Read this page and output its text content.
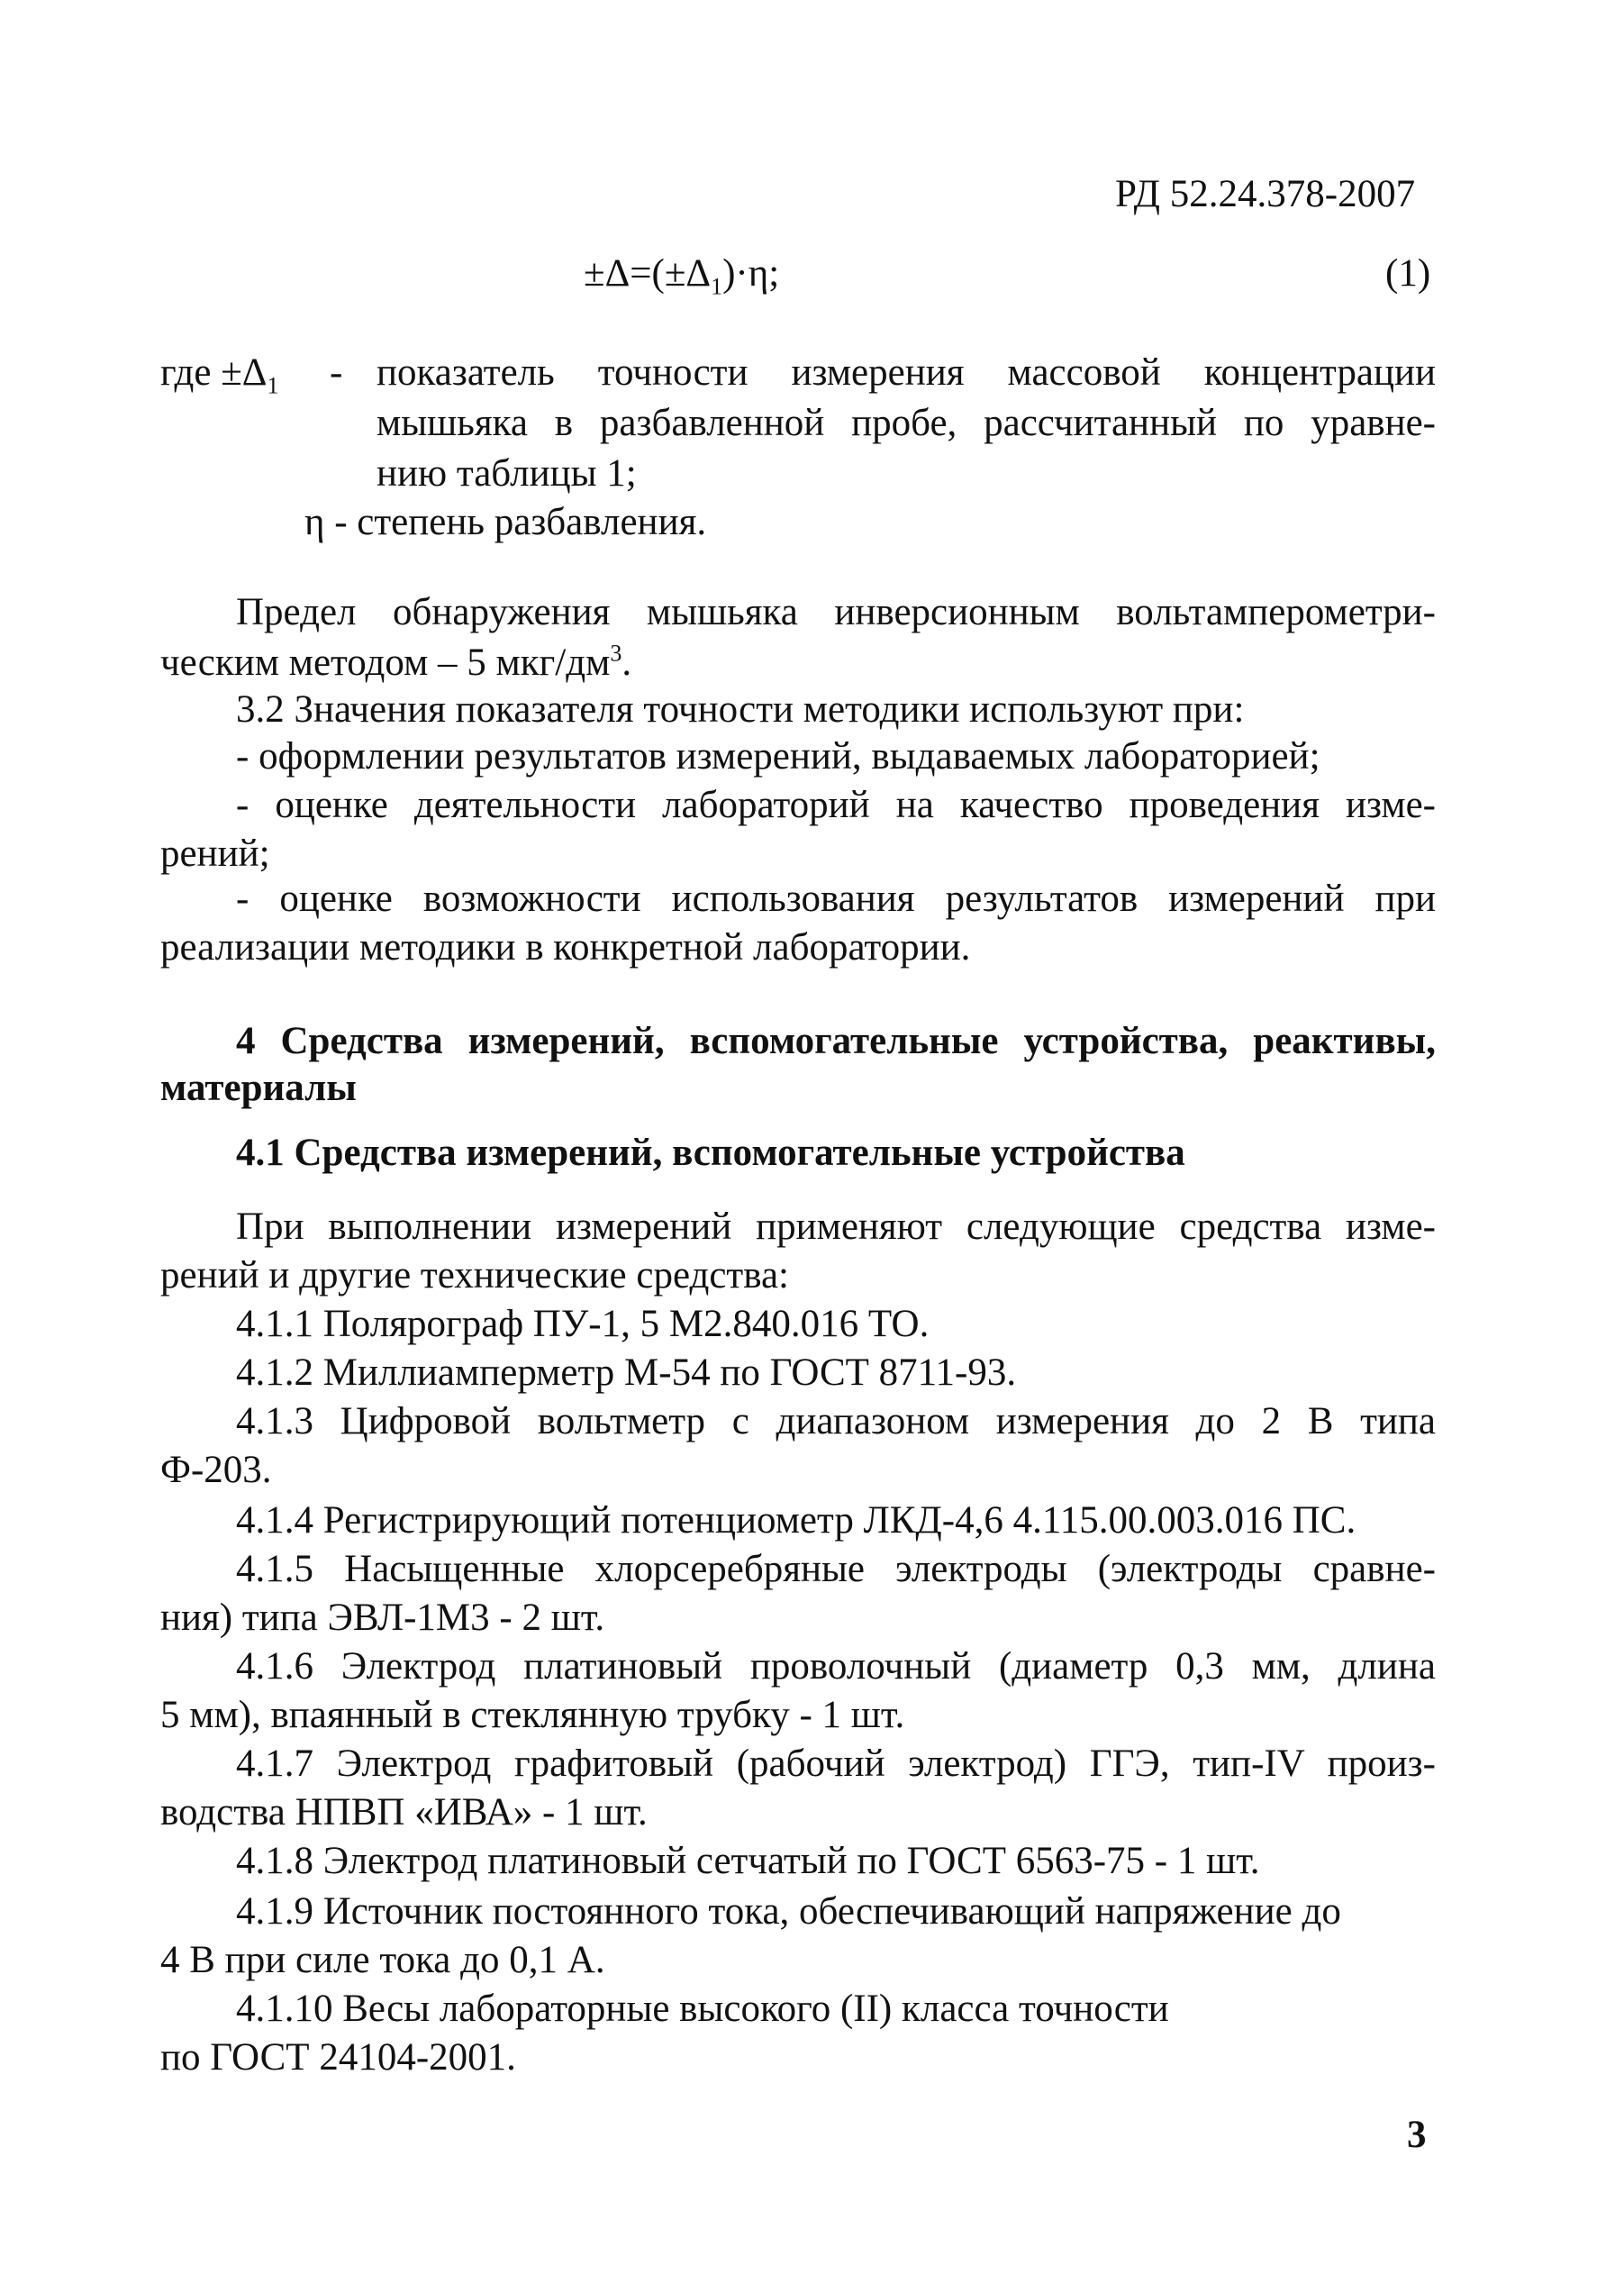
РД 52.24.378-2007
$\pm\Delta=(\pm\Delta_1)\cdot\eta$;	(1)
где $\pm\Delta_1$ - показатель точности измерения массовой концентрации
мышьяка в разбавленной пробе, рассчитанный по уравне-
нию таблицы 1;
η - степень разбавления.
Предел обнаружения мышьяка инверсионным вольтамперометри-
ческим методом – 5 мкг/$дм^3$.
3.2 Значения показателя точности методики используют при:
- оформлении результатов измерений, выдаваемых лабораторией;
- оценке деятельности лабораторий на качество проведения изме-
рений;
- оценке возможности использования результатов измерений при
реализации методики в конкретной лаборатории.
4 Средства измерений, вспомогательные устройства, реактивы,
материалы
4.1 Средства измерений, вспомогательные устройства
При выполнении измерений применяют следующие средства изме-
рений и другие технические средства:
4.1.1 Полярограф ПУ-1, 5 М2.840.016 ТО.
4.1.2 Миллиамперметр М-54 по ГОСТ 8711-93.
4.1.3 Цифровой вольтметр с диапазоном измерения до 2 В типа
Ф-203.
4.1.4 Регистрирующий потенциометр ЛКД-4,6 4.115.00.003.016 ПС.
4.1.5 Насыщенные хлорсеребряные электроды (электроды сравне-
ния) типа ЭВЛ-1М3 - 2 шт.
4.1.6 Электрод платиновый проволочный (диаметр 0,3 мм, длина
5 мм), впаянный в стеклянную трубку - 1 шт.
4.1.7 Электрод графитовый (рабочий электрод) ГГЭ, тип-IV произ-
водства НПВП «ИВА» - 1 шт.
4.1.8 Электрод платиновый сетчатый по ГОСТ 6563-75 - 1 шт.
4.1.9 Источник постоянного тока, обеспечивающий напряжение до
4 В при силе тока до 0,1 А.
4.1.10 Весы лабораторные высокого (II) класса точности
по ГОСТ 24104-2001.
3
